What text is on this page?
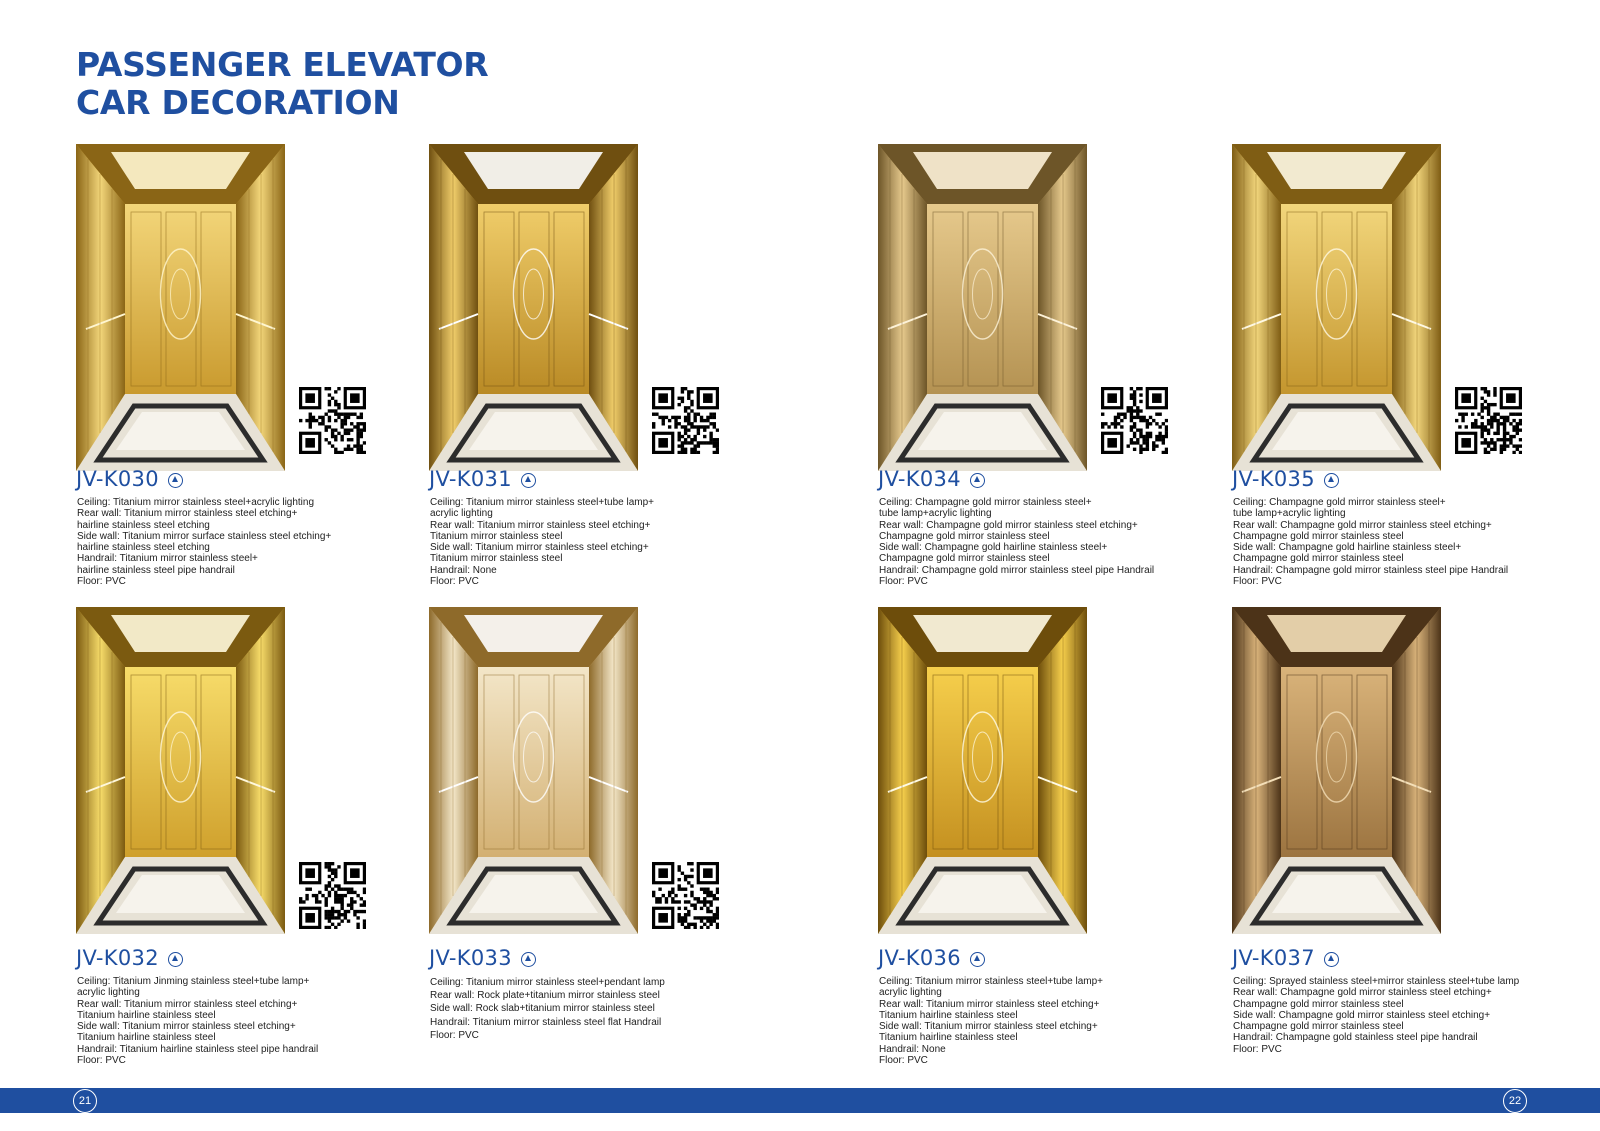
PASSENGER ELEVATOR
CAR DECORATION
JV-K030
Ceiling: Titanium mirror stainless steel+acrylic lighting
Rear wall: Titanium mirror stainless steel etching+
hairline stainless steel etching
Side wall: Titanium mirror surface stainless steel etching+
hairline stainless steel etching
Handrail: Titanium mirror stainless steel+
hairline stainless steel pipe handrail
Floor: PVC
JV-K031
Ceiling: Titanium mirror stainless steel+tube lamp+
acrylic lighting
Rear wall: Titanium mirror stainless steel etching+
Titanium mirror stainless steel
Side wall: Titanium mirror stainless steel etching+
Titanium mirror stainless steel
Handrail: None
Floor: PVC
JV-K034
Ceiling: Champagne gold mirror stainless steel+
tube lamp+acrylic lighting
Rear wall: Champagne gold mirror stainless steel etching+
Champagne gold mirror stainless steel
Side wall: Champagne gold hairline stainless steel+
Champagne gold mirror stainless steel
Handrail: Champagne gold mirror stainless steel pipe Handrail
Floor: PVC
JV-K035
Ceiling: Champagne gold mirror stainless steel+
tube lamp+acrylic lighting
Rear wall: Champagne gold mirror stainless steel etching+
Champagne gold mirror stainless steel
Side wall: Champagne gold hairline stainless steel+
Champagne gold mirror stainless steel
Handrail: Champagne gold mirror stainless steel pipe Handrail
Floor: PVC
JV-K032
Ceiling: Titanium Jinming stainless steel+tube lamp+
acrylic lighting
Rear wall: Titanium mirror stainless steel etching+
Titanium hairline stainless steel
Side wall: Titanium mirror stainless steel etching+
Titanium hairline stainless steel
Handrail: Titanium hairline stainless steel pipe handrail
Floor: PVC
JV-K033
Ceiling: Titanium mirror stainless steel+pendant lamp
Rear wall: Rock plate+titanium mirror stainless steel
Side wall: Rock slab+titanium mirror stainless steel
Handrail: Titanium mirror stainless steel flat Handrail
Floor: PVC
JV-K036
Ceiling: Titanium mirror stainless steel+tube lamp+
acrylic lighting
Rear wall: Titanium mirror stainless steel etching+
Titanium hairline stainless steel
Side wall: Titanium mirror stainless steel etching+
Titanium hairline stainless steel
Handrail: None
Floor: PVC
JV-K037
Ceiling: Sprayed stainless steel+mirror stainless steel+tube lamp
Rear wall: Champagne gold mirror stainless steel etching+
Champagne gold mirror stainless steel
Side wall: Champagne gold mirror stainless steel etching+
Champagne gold mirror stainless steel
Handrail: Champagne gold stainless steel pipe handrail
Floor: PVC
21	22
